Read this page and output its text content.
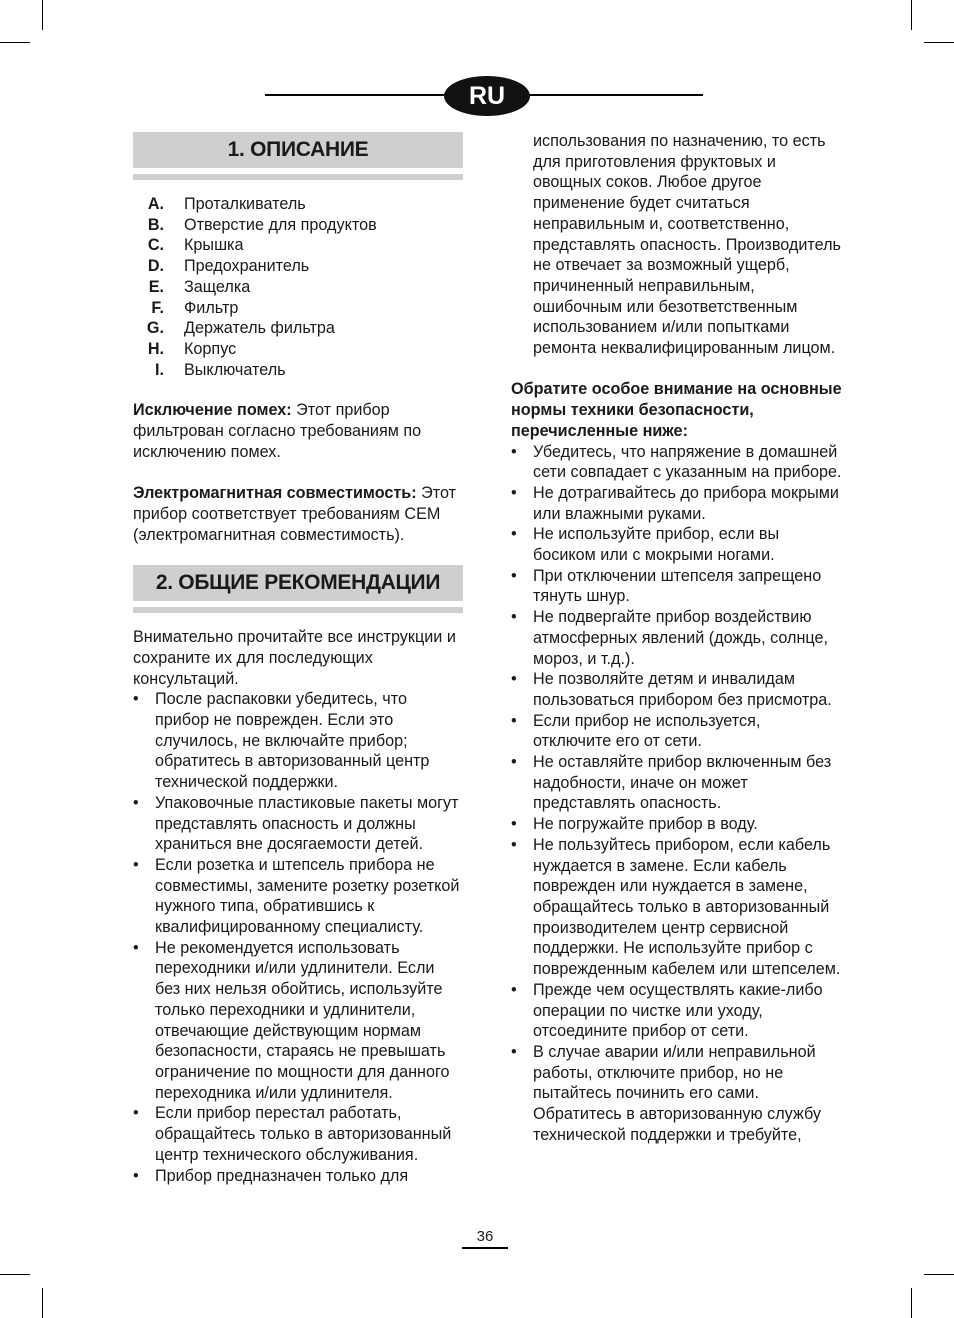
RU
1. ОПИСАНИЕ
A. Проталкиватель
B. Отверстие для продуктов
C. Крышка
D. Предохранитель
E. Защелка
F. Фильтр
G. Держатель фильтра
H. Корпус
I. Выключатель

Исключение помех: Этот прибор фильтрован согласно требованиям по исключению помех.

Электромагнитная совместимость: Этот прибор соответствует требованиям CEM (электромагнитная совместимость).

2. ОБЩИЕ РЕКОМЕНДАЦИИ

Внимательно прочитайте все инструкции и сохраните их для последующих консультаций.

• После распаковки убедитесь, что прибор не поврежден. Если это случилось, не включайте прибор; обратитесь в авторизованный центр технической поддержки.
• Упаковочные пластиковые пакеты могут представлять опасность и должны храниться вне досягаемости детей.
• Если розетка и штепсель прибора не совместимы, замените розетку розеткой нужного типа, обратившись к квалифицированному специалисту.
• Не рекомендуется использовать переходники и/или удлинители. Если без них нельзя обойтись, используйте только переходники и удлинители, отвечающие действующим нормам безопасности, стараясь не превышать ограничение по мощности для данного переходника и/или удлинителя.
• Если прибор перестал работать, обращайтесь только в авторизованный центр технического обслуживания.
• Прибор предназначен только для

использования по назначению, то есть для приготовления фруктовых и овощных соков. Любое другое применение будет считаться неправильным и, соответственно, представлять опасность. Производитель не отвечает за возможный ущерб, причиненный неправильным, ошибочным или безответственным использованием и/или попытками ремонта неквалифицированным лицом.

Обратите особое внимание на основные нормы техники безопасности, перечисленные ниже:

• Убедитесь, что напряжение в домашней сети совпадает с указанным на приборе.
• Не дотрагивайтесь до прибора мокрыми или влажными руками.
• Не используйте прибор, если вы босиком или с мокрыми ногами.
• При отключении штепселя запрещено тянуть шнур.
• Не подвергайте прибор воздействию атмосферных явлений (дождь, солнце, мороз, и т.д.).
• Не позволяйте детям и инвалидам пользоваться прибором без присмотра.
• Если прибор не используется, отключите его от сети.
• Не оставляйте прибор включенным без надобности, иначе он может представлять опасность.
• Не погружайте прибор в воду.
• Не пользуйтесь прибором, если кабель нуждается в замене. Если кабель поврежден или нуждается в замене, обращайтесь только в авторизованный производителем центр сервисной поддержки. Не используйте прибор с поврежденным кабелем или штепселем.
• Прежде чем осуществлять какие-либо операции по чистке или уходу, отсоедините прибор от сети.
• В случае аварии и/или неправильной работы, отключите прибор, но не пытайтесь починить его сами. Обратитесь в авторизованную службу технической поддержки и требуйте,
36
